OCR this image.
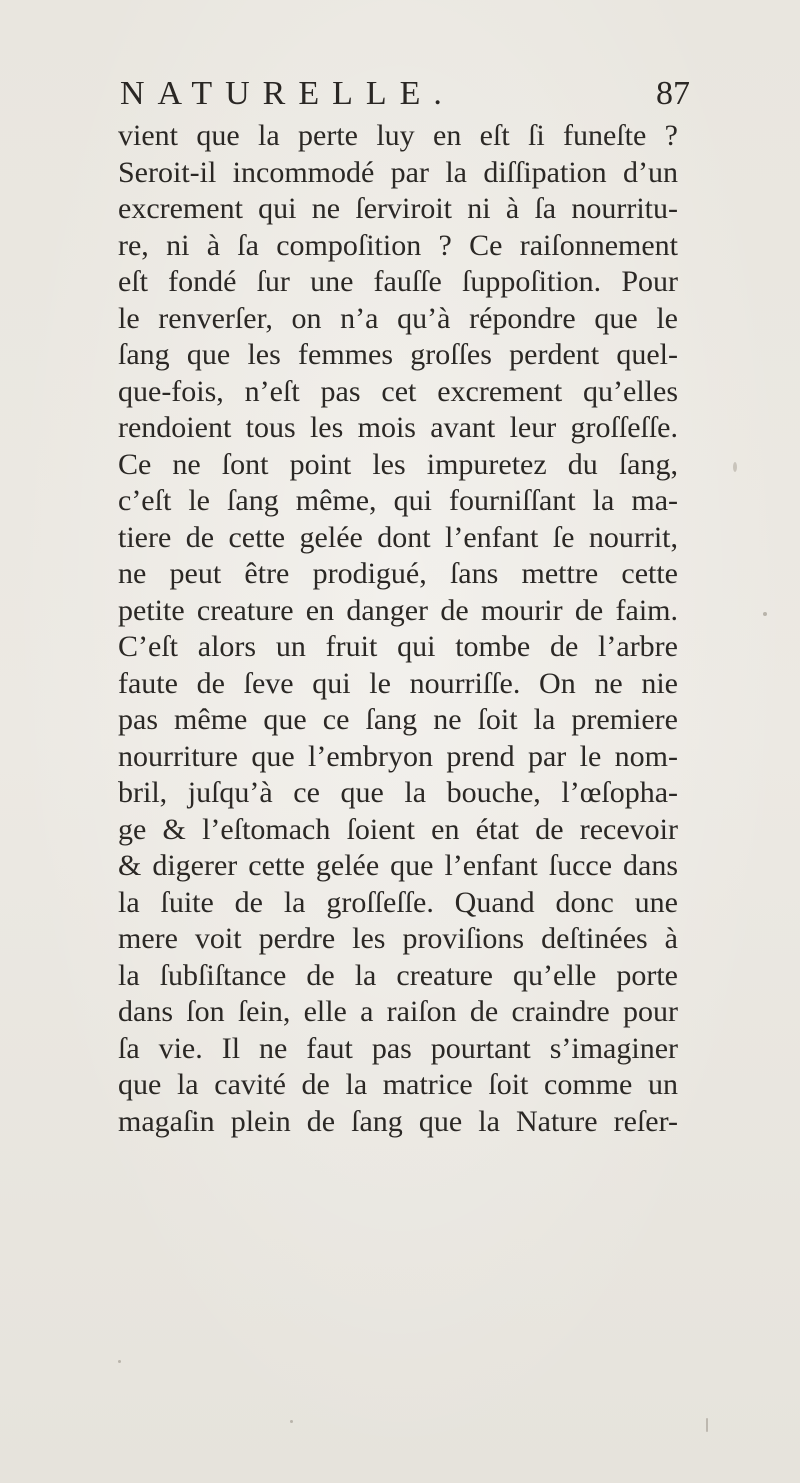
NATURELLE.	87
vient que la perte luy en eſt ſi funeſte ?
Seroit-il incommodé par la diſſipation d’un
excrement qui ne ſerviroit ni à ſa nourritu-
re, ni à ſa compoſition ? Ce raiſonnement
eſt fondé ſur une fauſſe ſuppoſition. Pour
le renverſer, on n’a qu’à répondre que le
ſang que les femmes groſſes perdent quel-
que-fois, n’eſt pas cet excrement qu’elles
rendoient tous les mois avant leur groſſeſſe.
Ce ne ſont point les impuretez du ſang,
c’eſt le ſang même, qui fourniſſant la ma-
tiere de cette gelée dont l’enfant ſe nourrit,
ne peut être prodigué, ſans mettre cette
petite creature en danger de mourir de faim.
C’eſt alors un fruit qui tombe de l’arbre
faute de ſeve qui le nourriſſe. On ne nie
pas même que ce ſang ne ſoit la premiere
nourriture que l’embryon prend par le nom-
bril, juſqu’à ce que la bouche, l’œſopha-
ge & l’eſtomach ſoient en état de recevoir
& digerer cette gelée que l’enfant ſucce dans
la ſuite de la groſſeſſe. Quand donc une
mere voit perdre les proviſions deſtinées à
la ſubſiſtance de la creature qu’elle porte
dans ſon ſein, elle a raiſon de craindre pour
ſa vie. Il ne faut pas pourtant s’imaginer
que la cavité de la matrice ſoit comme un
magaſin plein de ſang que la Nature reſer-
